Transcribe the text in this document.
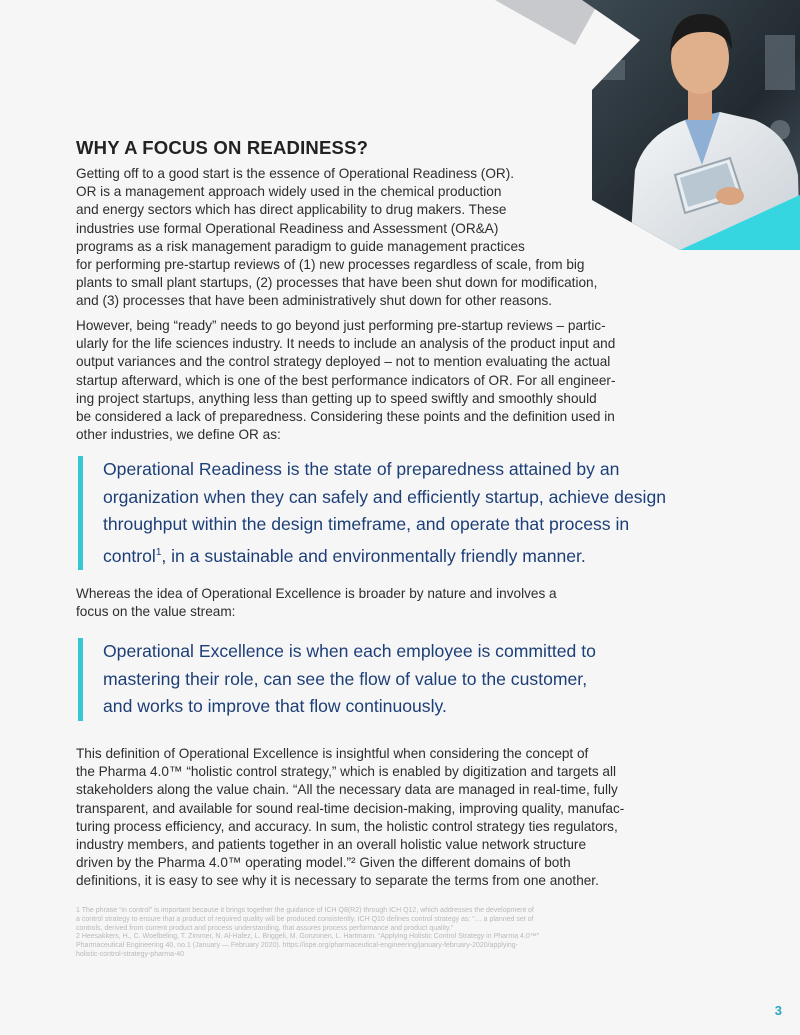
WHY A FOCUS ON READINESS?

Getting off to a good start is the essence of Operational Readiness (OR).
OR is a management approach widely used in the chemical production
and energy sectors which has direct applicability to drug makers. These
industries use formal Operational Readiness and Assessment (OR&A)
programs as a risk management paradigm to guide management practices
for performing pre-startup reviews of (1) new processes regardless of scale, from big
plants to small plant startups, (2) processes that have been shut down for modification,
and (3) processes that have been administratively shut down for other reasons.

However, being “ready” needs to go beyond just performing pre-startup reviews – partic-
ularly for the life sciences industry. It needs to include an analysis of the product input and
output variances and the control strategy deployed – not to mention evaluating the actual
startup afterward, which is one of the best performance indicators of OR. For all engineer-
ing project startups, anything less than getting up to speed swiftly and smoothly should
be considered a lack of preparedness. Considering these points and the definition used in
other industries, we define OR as:

Operational Readiness is the state of preparedness attained by an
organization when they can safely and efficiently startup, achieve design
throughput within the design timeframe, and operate that process in
control$^1$, in a sustainable and environmentally friendly manner.

Whereas the idea of Operational Excellence is broader by nature and involves a
focus on the value stream:

Operational Excellence is when each employee is committed to
mastering their role, can see the flow of value to the customer,
and works to improve that flow continuously.

This definition of Operational Excellence is insightful when considering the concept of
the Pharma 4.0™ “holistic control strategy,” which is enabled by digitization and targets all
stakeholders along the value chain. “All the necessary data are managed in real-time, fully
transparent, and available for sound real-time decision-making, improving quality, manufac-
turing process efficiency, and accuracy. In sum, the holistic control strategy ties regulators,
industry members, and patients together in an overall holistic value network structure
driven by the Pharma 4.0™ operating model.”² Given the different domains of both
definitions, it is easy to see why it is necessary to separate the terms from one another.

1 The phrase “in control” is important because it brings together the guidance of ICH Q8(R2) through ICH Q12, which addresses the development of
a control strategy to ensure that a product of required quality will be produced consistently. ICH Q10 defines control strategy as: “… a planned set of
controls, derived from current product and process understanding, that assures process performance and product quality.”
2 Heesakkers, H., C. Woelbeling, T. Zimmer, N. Al-Hafez, L. Briggeli, M. Gonzonen, L. Hartmann. “Applying Holistic Control Strategy in Pharma 4.0™”
Pharmaceutical Engineering 40, no.1 (January — February 2020). https://ispe.org/pharmaceutical-engineering/january-february-2020/applying-
holistic-control-strategy-pharma-40
3
